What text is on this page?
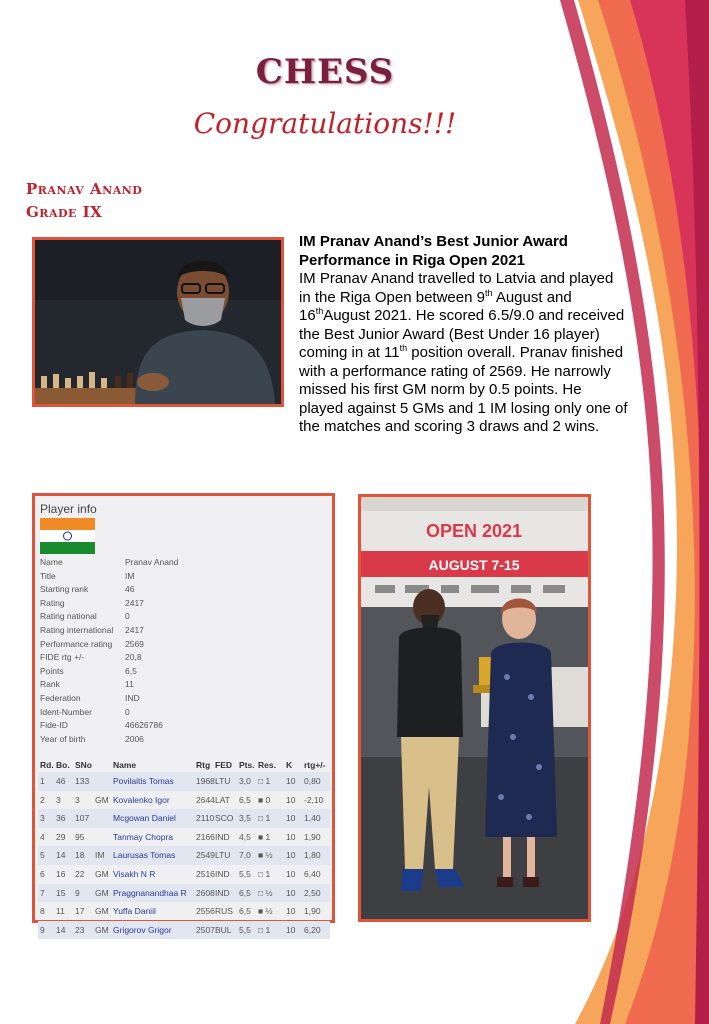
CHESS
Congratulations!!!
Pranav Anand
Grade IX
IM Pranav Anand’s Best Junior Award Performance in Riga Open 2021
IM Pranav Anand travelled to Latvia and played in the Riga Open between 9th August and 16thAugust 2021. He scored 6.5/9.0 and received the Best Junior Award (Best Under 16 player) coming in at 11th position overall. Pranav finished with a performance rating of 2569. He narrowly missed his first GM norm by 0.5 points. He played against 5 GMs and 1 IM losing only one of the matches and scoring 3 draws and 2 wins.
Player info
Name	Pranav Anand
Title	IM
Starting rank	46
Rating	2417
Rating national	0
Rating international 2417
Performance rating 2569
FIDE rtg +/-	20,8
Points	6,5
Rank	11
Federation	IND
Ident-Number	0
Fide-ID	46626786
Year of birth	2006
Rd. Bo. SNo Name	Rtg FED Pts. Res. K rtg+/-
1 46 133	Povilaitis Tomas	1968 LTU 3,0 □ 1 10 0,80
2 3 3 GM Kovalenko Igor	2644 LAT 6,5 ■ 0 10 -2,10
3 36 107	Mcgowan Daniel 2110 SCO 3,5 □ 1 10 1,40
4 29 95	Tanmay Chopra	2166 IND 4,5 ■ 1 10 1,90
5 14 18 IM Laurusas Tomas 2549 LTU 7,0 ■ ½ 10 1,80
6 16 22 GM Visakh N R	2516 IND 5,5 □ 1 10 6,40
7 15 9 GM Praggnanandhaa R 2608 IND 6,5 □ ½ 10 2,50
8 11 17 GM Yuffa Daniil	2556 RUS 6,5 ■ ½ 10 1,90
9 14 23 GM Grigorov Grigor	2507 BUL 5,5 □ 1 10 6,20
OPEN 2021
AUGUST 7-15
